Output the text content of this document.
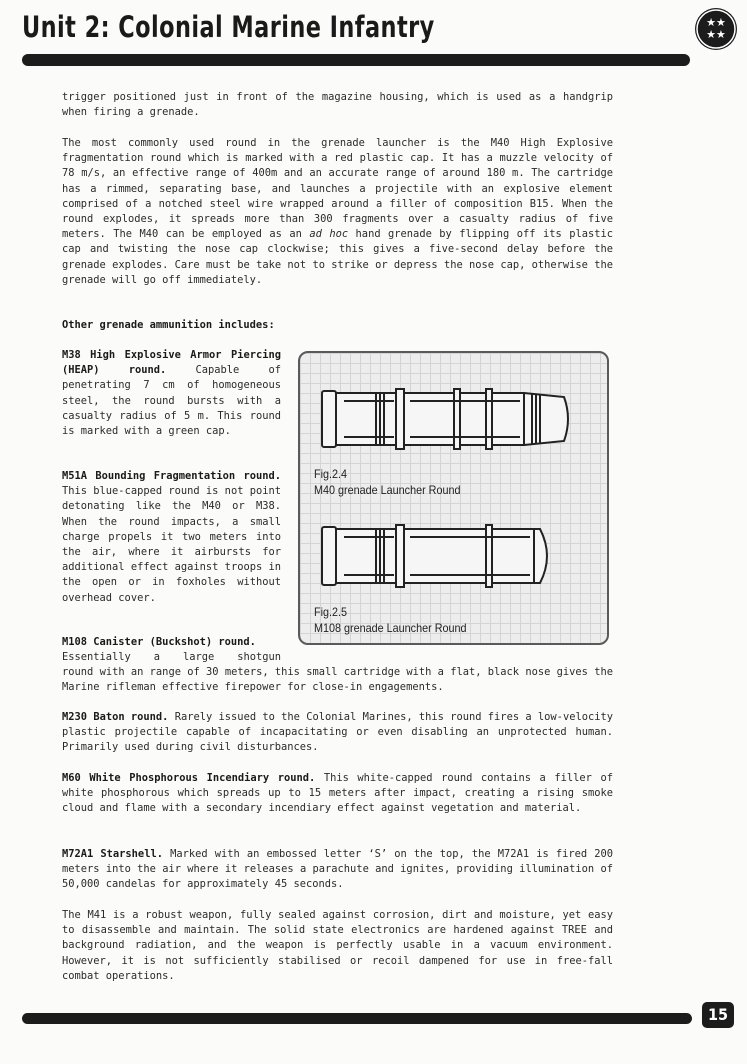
Unit 2: Colonial Marine Infantry	★★
★★

trigger positioned just in front of the magazine housing, which is used as a handgrip when firing a grenade.

The most commonly used round in the grenade launcher is the M40 High Explosive fragmentation round which is marked with a red plastic cap. It has a muzzle velocity of 78 m/s, an effective range of 400m and an accurate range of around 180 m. The cartridge has a rimmed, separating base, and launches a projectile with an explosive element comprised of a notched steel wire wrapped around a filler of composition B15. When the round explodes, it spreads more than 300 fragments over a casualty radius of five meters. The M40 can be employed as an ad hoc hand grenade by flipping off its plastic cap and twisting the nose cap clockwise; this gives a five-second delay before the grenade explodes. Care must be take not to strike or depress the nose cap, otherwise the grenade will go off immediately.

Other grenade ammunition includes:

M38 High Explosive Armor Piercing (HEAP) round. Capable of penetrating 7 cm of homogeneous steel, the round bursts with a casualty radius of 5 m. This round is marked with a green cap.

M51A Bounding Fragmentation round. This blue-capped round is not point detonating like the M40 or M38. When the round impacts, a small charge propels it two meters into the air, where it airbursts for additional effect against troops in the open or in foxholes without overhead cover.

M108 Canister (Buckshot) round.

Essentially a large shotgun

round with an range of 30 meters, this small cartridge with a flat, black nose gives the Marine rifleman effective firepower for close-in engagements.

M230 Baton round. Rarely issued to the Colonial Marines, this round fires a low-velocity plastic projectile capable of incapacitating or even disabling an unprotected human. Primarily used during civil disturbances.

M60 White Phosphorous Incendiary round. This white-capped round contains a filler of white phosphorous which spreads up to 15 meters after impact, creating a rising smoke cloud and flame with a secondary incendiary effect against vegetation and material.

M72A1 Starshell. Marked with an embossed letter ‘S’ on the top, the M72A1 is fired 200 meters into the air where it releases a parachute and ignites, providing illumination of 50,000 candelas for approximately 45 seconds.

The M41 is a robust weapon, fully sealed against corrosion, dirt and moisture, yet easy to disassemble and maintain. The solid state electronics are hardened against TREE and background radiation, and the weapon is perfectly usable in a vacuum environment. However, it is not sufficiently stabilised or recoil dampened for use in free-fall combat operations.

Fig.2.4
M40 grenade Launcher Round
Fig.2.5
M108 grenade Launcher Round
15
